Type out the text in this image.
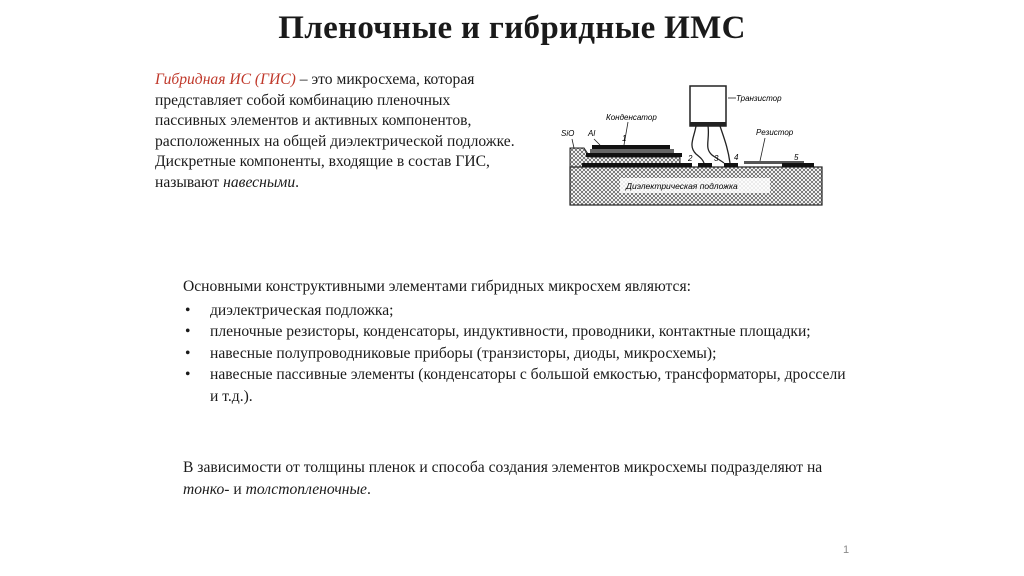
Пленочные и гибридные ИМС
Гибридная ИС (ГИС) – это микросхема, которая представляет собой комбинацию пленочных пассивных элементов и активных компонентов, расположенных на общей диэлектрической подложке. Дискретные компоненты, входящие в состав ГИС, называют навесными.
SiO Al
Конденсатор
Транзистор
Резистор
Диэлектрическая подложка
1
2	3 4	5
Основными конструктивными элементами гибридных микросхем являются:
• диэлектрическая подложка;
• пленочные резисторы, конденсаторы, индуктивности, проводники, контактные площадки;
• навесные полупроводниковые приборы (транзисторы, диоды, микросхемы);
• навесные пассивные элементы (конденсаторы с большой емкостью, трансформаторы, дроссели и т.д.).
В зависимости от толщины пленок и способа создания элементов микросхемы подразделяют на тонко- и толстопленочные.
1
